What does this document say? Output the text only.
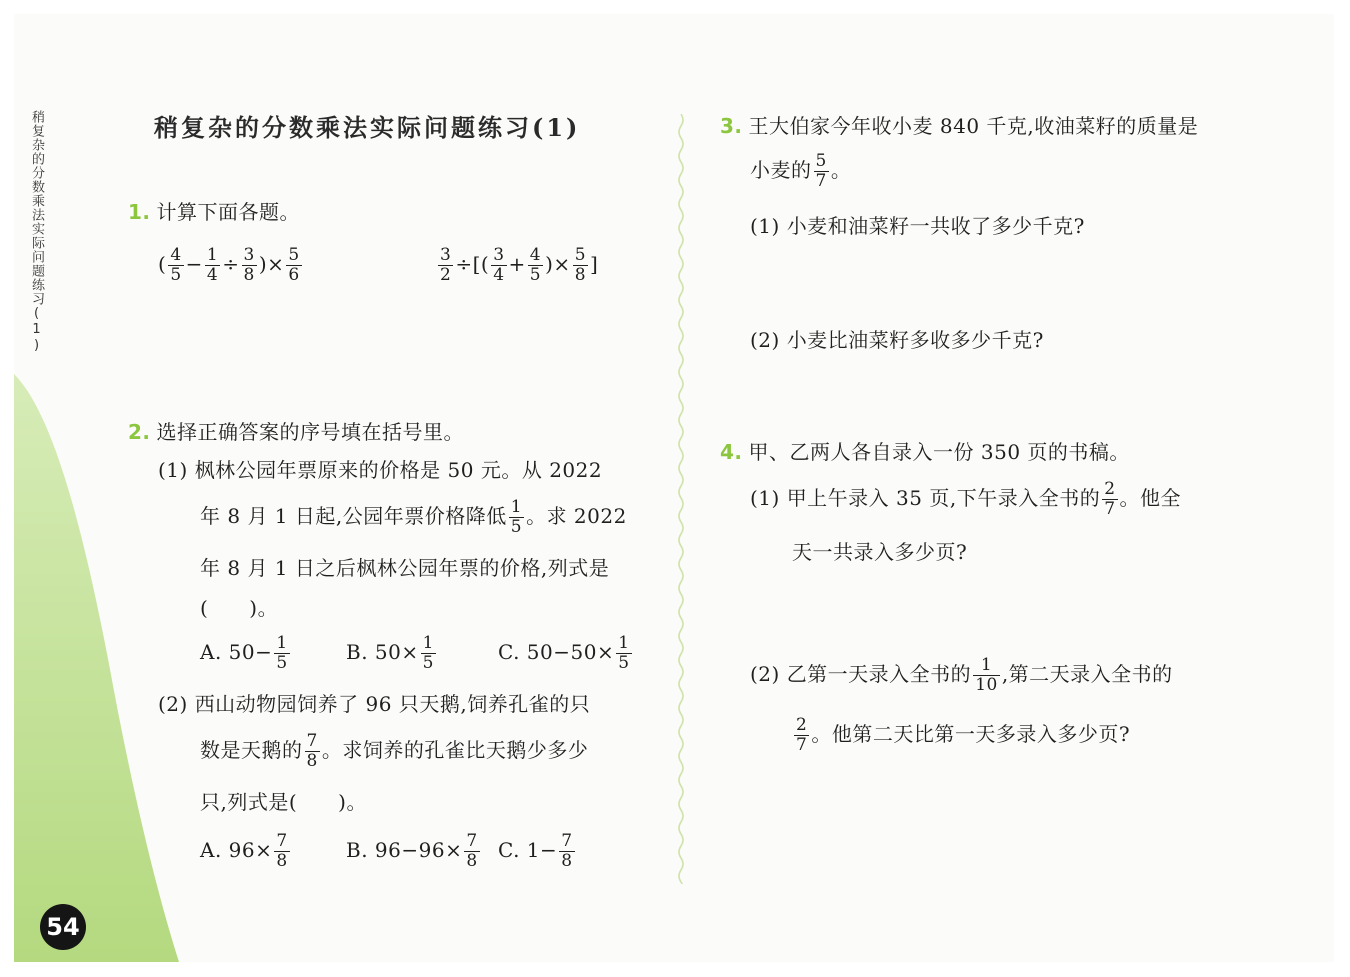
稍复杂的分数乘法实际问题练习(1)
54
稍复杂的分数乘法实际问题练习(1)
1. 计算下面各题。
( $\frac{4}{5} - \frac{1}{4} \div \frac{3}{8}$ )× $\frac{5}{6}$	$\frac{3}{2}$ ÷[( $\frac{3}{4} + \frac{4}{5}$ )× $\frac{5}{8}$ ]
2. 选择正确答案的序号填在括号里。
(1) 枫林公园年票原来的价格是 50 元。从 2022
年 8 月 1 日起,公园年票价格降低 $\frac{1}{5}$ 。求 2022
年 8 月 1 日之后枫林公园年票的价格,列式是
(　　)。
A. $50- \frac{1}{5}$	B. $50\times \frac{1}{5}$	C. $50-50\times \frac{1}{5}$
(2) 西山动物园饲养了 96 只天鹅,饲养孔雀的只
数是天鹅的 $\frac{7}{8}$ 。求饲养的孔雀比天鹅少多少
只,列式是(　　)。
A. $96\times \frac{7}{8}$	B. $96-96\times \frac{7}{8} C$. $1- \frac{7}{8}$
3. 王大伯家今年收小麦 840 千克,收油菜籽的质量是
小麦的 $\frac{5}{7}$ 。
(1) 小麦和油菜籽一共收了多少千克?
(2) 小麦比油菜籽多收多少千克?
4. 甲、乙两人各自录入一份 350 页的书稿。
(1) 甲上午录入 35 页,下午录入全书的 $\frac{2}{7}$ 。他全
天一共录入多少页?
(2) 乙第一天录入全书的 $\frac{1}{10}$ ,第二天录入全书的
$\frac{2}{7}$ 。他第二天比第一天多录入多少页?
